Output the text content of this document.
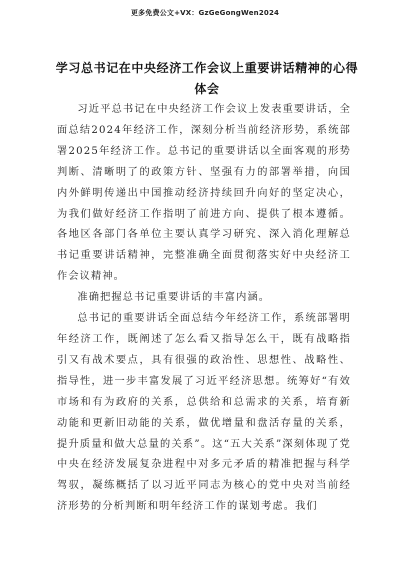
更多免费公文+VX：GzGeGongWen2024
学习总书记在中央经济工作会议上重要讲话精神的心得体会

习近平总书记在中央经济工作会议上发表重要讲话，全面总结2024年经济工作，深刻分析当前经济形势，系统部署2025年经济工作。总书记的重要讲话以全面客观的形势判断、清晰明了的政策方针、坚强有力的部署举措，向国内外鲜明传递出中国推动经济持续回升向好的坚定决心，为我们做好经济工作指明了前进方向、提供了根本遵循。各地区各部门各单位主要认真学习研究、深入消化理解总书记重要讲话精神，完整准确全面贯彻落实好中央经济工作会议精神。

准确把握总书记重要讲话的丰富内涵。

总书记的重要讲话全面总结今年经济工作，系统部署明年经济工作，既阐述了怎么看又指导怎么干，既有战略指引又有战术要点，具有很强的政治性、思想性、战略性、指导性，进一步丰富发展了习近平经济思想。统筹好“有效市场和有为政府的关系，总供给和总需求的关系，培育新动能和更新旧动能的关系，做优增量和盘活存量的关系，提升质量和做大总量的关系”。这“五大关系”深刻体现了党中央在经济发展复杂进程中对多元矛盾的精准把握与科学驾驭，凝练概括了以习近平同志为核心的党中央对当前经济形势的分析判断和明年经济工作的谋划考虑。我们
